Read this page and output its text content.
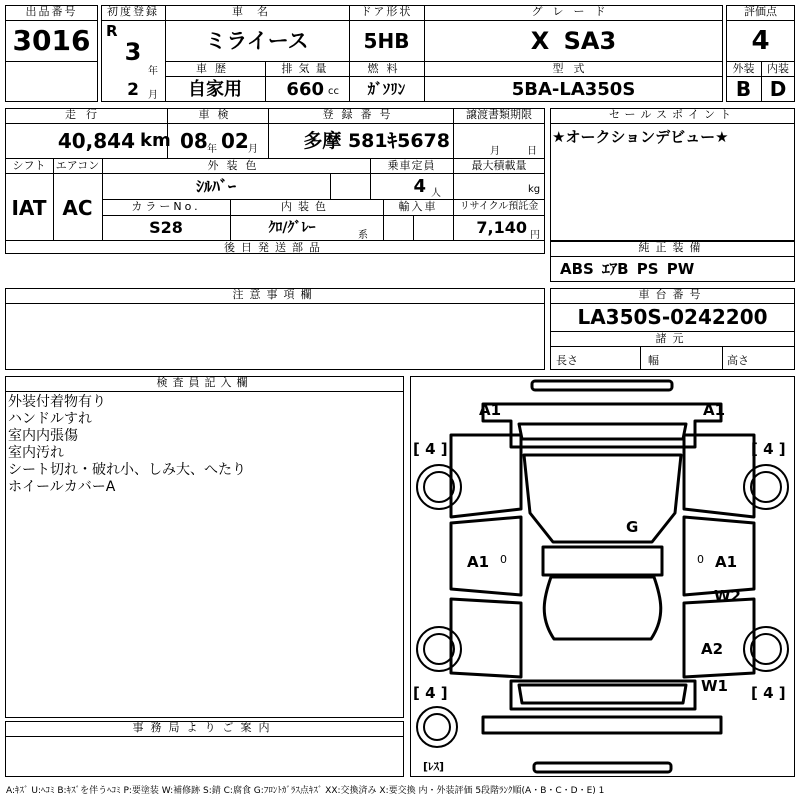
出品番号
3016
初度登録
R
3
年
2 月
車名
ミライース
ドア形状
5HB
グレード
X SA3
車歴
自家用
排気量
660 cc
燃料
ｶﾞｿﾘﾝ
型式
5BA-LA350S
評価点
4
外装	内装
B D
走行
40,844 km
車検
08 年 02 月
登録番号
多摩 581ｷ5678
譲渡書類期限
月	日
シフト
IAT
エアコン
AC
外装色
ｼﾙﾊﾞｰ
乗車定員
4 人
最大積載量
kg
カラーNo.
S28
内装色
ｸﾛ/ｸﾞﾚｰ	系
輸入車	リサイクル預託金
7,140 円
後日発送部品
セールスポイント
★オークションデビュー★
純正装備
ABS ｴｱB PS PW
注意事項欄	車台番号
LA350S-0242200
諸元
長さ	幅	高さ
検査員記入欄
外装付着物有り
ハンドルすれ
室内内張傷
室内汚れ
シート切れ・破れ小、しみ大、へたり
ホイールカバーA
事務局よりご案内
A1	A1
G
A1	A1
W2
A2
W1
[ 4 ]	[ 4 ]
[ 4 ]	[ 4 ]
0	0
[ﾚｽ]
A:ｷｽﾞ U:ﾍｺﾐ B:ｷｽﾞを伴うﾍｺﾐ P:要塗装 W:補修跡 S:錆 C:腐食 G:ﾌﾛﾝﾄｶﾞﾗｽ点ｷｽﾞ XX:交換済み X:要交換 内・外装評価 5段階ﾗﾝｸ順(A・B・C・D・E) 1
